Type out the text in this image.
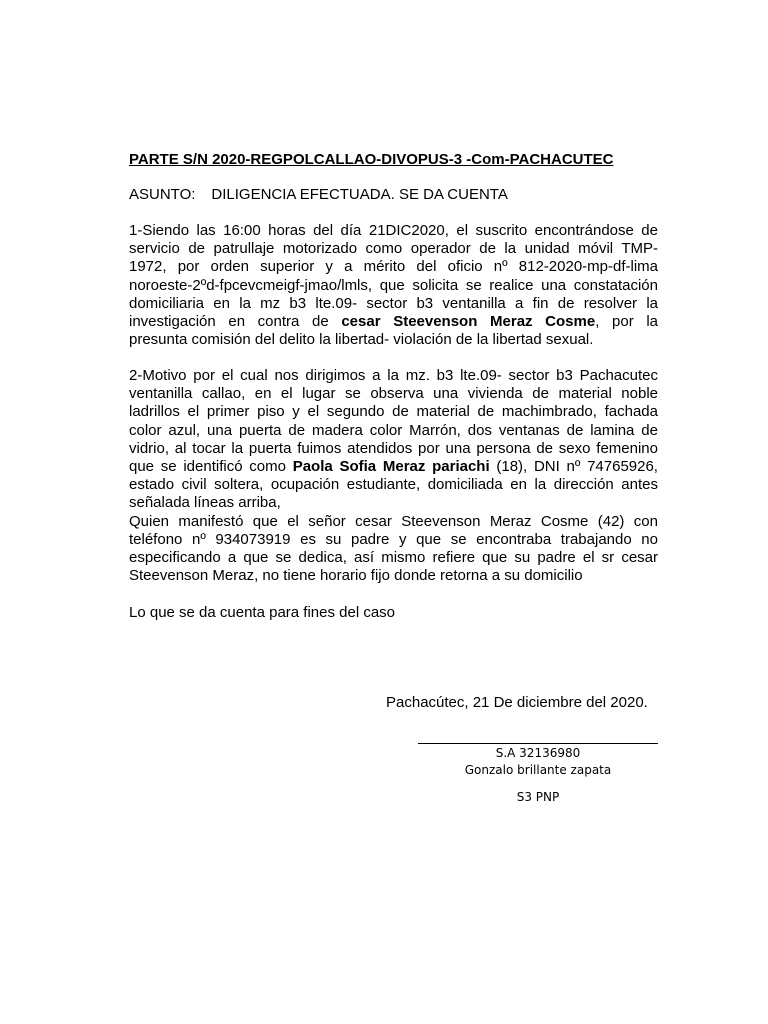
PARTE S/N 2020-REGPOLCALLAO-DIVOPUS-3 -Com-PACHACUTEC
ASUNTO: DILIGENCIA EFECTUADA. SE DA CUENTA
1-Siendo las 16:00 horas del día 21DIC2020, el suscrito encontrándose de
servicio de patrullaje motorizado como operador de la unidad móvil TMP-
1972, por orden superior y a mérito del oficio nº 812-2020-mp-df-lima
noroeste-2ºd-fpcevcmeigf-jmao/lmls, que solicita se realice una constatación
domiciliaria en la mz b3 lte.09- sector b3 ventanilla a fin de resolver la
investigación en contra de cesar Steevenson Meraz Cosme, por la
presunta comisión del delito la libertad- violación de la libertad sexual.
2-Motivo por el cual nos dirigimos a la mz. b3 lte.09- sector b3 Pachacutec
ventanilla callao, en el lugar se observa una vivienda de material noble
ladrillos el primer piso y el segundo de material de machimbrado, fachada
color azul, una puerta de madera color Marrón, dos ventanas de lamina de
vidrio, al tocar la puerta fuimos atendidos por una persona de sexo femenino
que se identificó como Paola Sofia Meraz pariachi (18), DNI nº 74765926,
estado civil soltera, ocupación estudiante, domiciliada en la dirección antes
señalada líneas arriba,
Quien manifestó que el señor cesar Steevenson Meraz Cosme (42) con
teléfono nº 934073919 es su padre y que se encontraba trabajando no
especificando a que se dedica, así mismo refiere que su padre el sr cesar
Steevenson Meraz, no tiene horario fijo donde retorna a su domicilio
Lo que se da cuenta para fines del caso
Pachacútec, 21 De diciembre del 2020.
S.A 32136980
Gonzalo brillante zapata
S3 PNP
